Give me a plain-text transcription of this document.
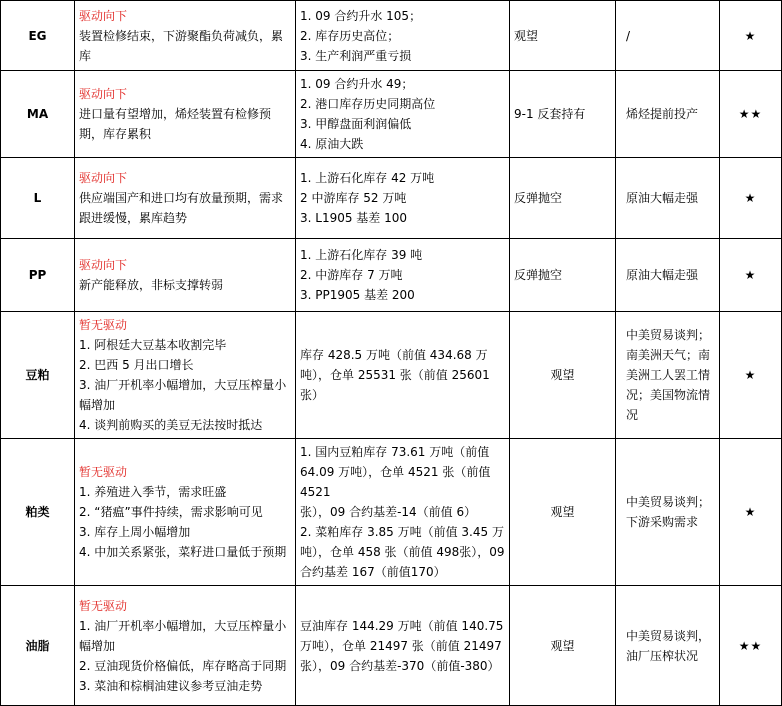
EG	驱动向下
装置检修结束，下游聚酯负荷减负，累库	1. 09 合约升水 105；
2. 库存历史高位；
3. 生产利润严重亏损	观望	/	★
MA	驱动向下
进口量有望增加，烯烃装置有检修预期，库存累积	1. 09 合约升水 49；
2. 港口库存历史同期高位
3. 甲醇盘面利润偏低
4. 原油大跌	9-1 反套持有	烯烃提前投产	★★
L	驱动向下
供应端国产和进口均有放量预期，需求跟进缓慢，累库趋势	1. 上游石化库存 42 万吨
2 中游库存 52 万吨
3. L1905 基差 100	反弹抛空	原油大幅走强	★
PP	驱动向下
新产能释放，非标支撑转弱	1. 上游石化库存 39 吨
2. 中游库存 7 万吨
3. PP1905 基差 200	反弹抛空	原油大幅走强	★
豆粕	暂无驱动
1. 阿根廷大豆基本收割完毕
2. 巴西 5 月出口增长
3. 油厂开机率小幅增加，大豆压榨量小幅增加
4. 谈判前购买的美豆无法按时抵达	库存 428.5 万吨（前值 434.68 万吨），仓单 25531 张（前值 25601张）	观望	中美贸易谈判；南美洲天气；南美洲工人罢工情况；美国物流情况	★
粕类	暂无驱动
1. 养殖进入季节，需求旺盛
2. “猪瘟”事件持续，需求影响可见
3. 库存上周小幅增加
4. 中加关系紧张，菜籽进口量低于预期	1. 国内豆粕库存 73.61 万吨（前值 64.09 万吨），仓单 4521 张（前值 4521
张），09 合约基差-14（前值 6）
2. 菜粕库存 3.85 万吨（前值 3.45 万吨），仓单 458 张（前值 498张），09 合约基差 167（前值170）	观望	中美贸易谈判；下游采购需求	★
油脂	暂无驱动
1. 油厂开机率小幅增加，大豆压榨量小幅增加
2. 豆油现货价格偏低，库存略高于同期
3. 菜油和棕榈油建议参考豆油走势	豆油库存 144.29 万吨（前值 140.75 万吨），仓单 21497 张（前值 21497张），09 合约基差-370（前值-380）	观望	中美贸易谈判，油厂压榨状况	★★
